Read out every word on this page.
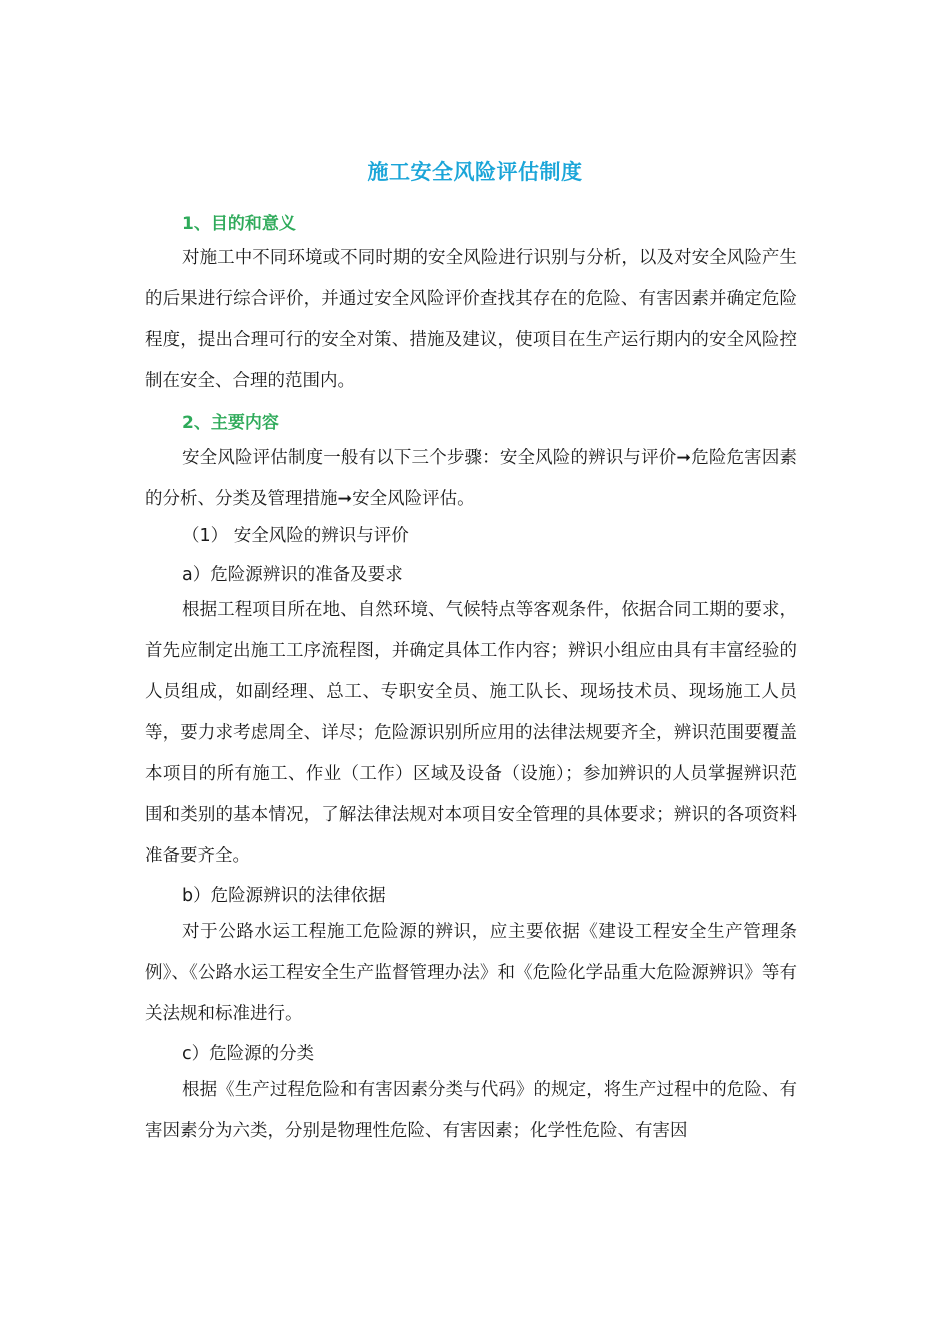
施工安全风险评估制度
1、目的和意义

对施工中不同环境或不同时期的安全风险进行识别与分析，以及对安全风险产生的后果进行综合评价，并通过安全风险评价查找其存在的危险、有害因素并确定危险程度，提出合理可行的安全对策、措施及建议，使项目在生产运行期内的安全风险控制在安全、合理的范围内。

2、主要内容

安全风险评估制度一般有以下三个步骤：安全风险的辨识与评价➞危险危害因素的分析、分类及管理措施➞安全风险评估。

（1） 安全风险的辨识与评价
a）危险源辨识的准备及要求

根据工程项目所在地、自然环境、气候特点等客观条件，依据合同工期的要求，首先应制定出施工工序流程图，并确定具体工作内容；辨识小组应由具有丰富经验的人员组成，如副经理、总工、专职安全员、施工队长、现场技术员、现场施工人员等，要力求考虑周全、详尽；危险源识别所应用的法律法规要齐全，辨识范围要覆盖本项目的所有施工、作业（工作）区域及设备（设施）；参加辨识的人员掌握辨识范围和类别的基本情况，了解法律法规对本项目安全管理的具体要求；辨识的各项资料准备要齐全。

b）危险源辨识的法律依据

对于公路水运工程施工危险源的辨识，应主要依据《建设工程安全生产管理条例》、《公路水运工程安全生产监督管理办法》和《危险化学品重大危险源辨识》等有关法规和标准进行。

c）危险源的分类

根据《生产过程危险和有害因素分类与代码》的规定，将生产过程中的危险、有害因素分为六类，分别是物理性危险、有害因素；化学性危险、有害因
